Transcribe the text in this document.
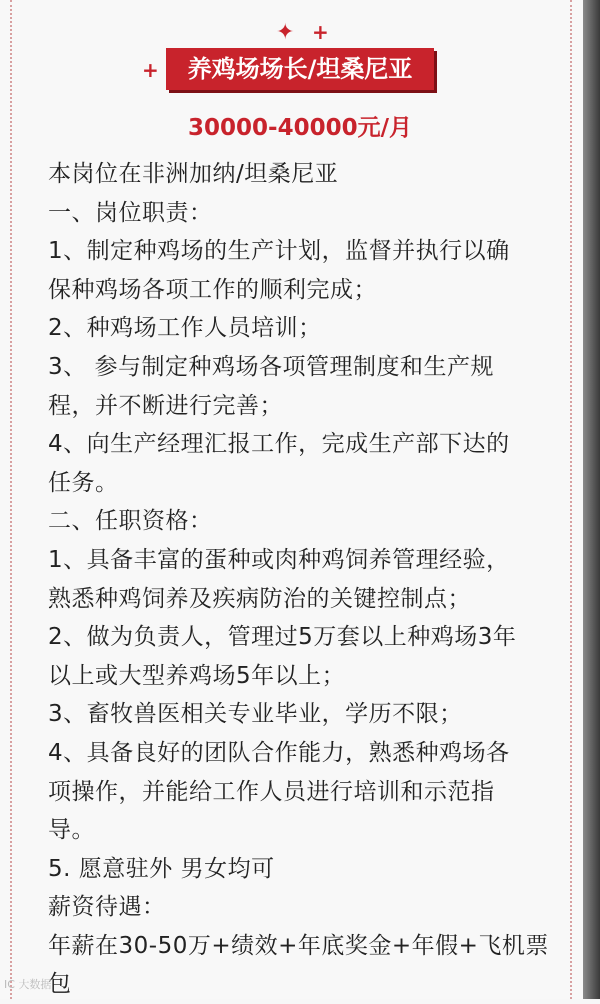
✦ +
+	养鸡场场长/坦桑尼亚
30000-40000元/月
本岗位在非洲加纳/坦桑尼亚
一、岗位职责：
1、制定种鸡场的生产计划，监督并执行以确
保种鸡场各项工作的顺利完成；
2、种鸡场工作人员培训；
3、 参与制定种鸡场各项管理制度和生产规
程，并不断进行完善；
4、向生产经理汇报工作，完成生产部下达的
任务。
二、任职资格：
1、具备丰富的蛋种或肉种鸡饲养管理经验，
熟悉种鸡饲养及疾病防治的关键控制点；
2、做为负责人，管理过5万套以上种鸡场3年
以上或大型养鸡场5年以上；
3、畜牧兽医相关专业毕业，学历不限；
4、具备良好的团队合作能力，熟悉种鸡场各
项操作，并能给工作人员进行培训和示范指
导。
5. 愿意驻外 男女均可
薪资待遇：
年薪在30-50万+绩效+年底奖金+年假+飞机票
包
IC 大数据
